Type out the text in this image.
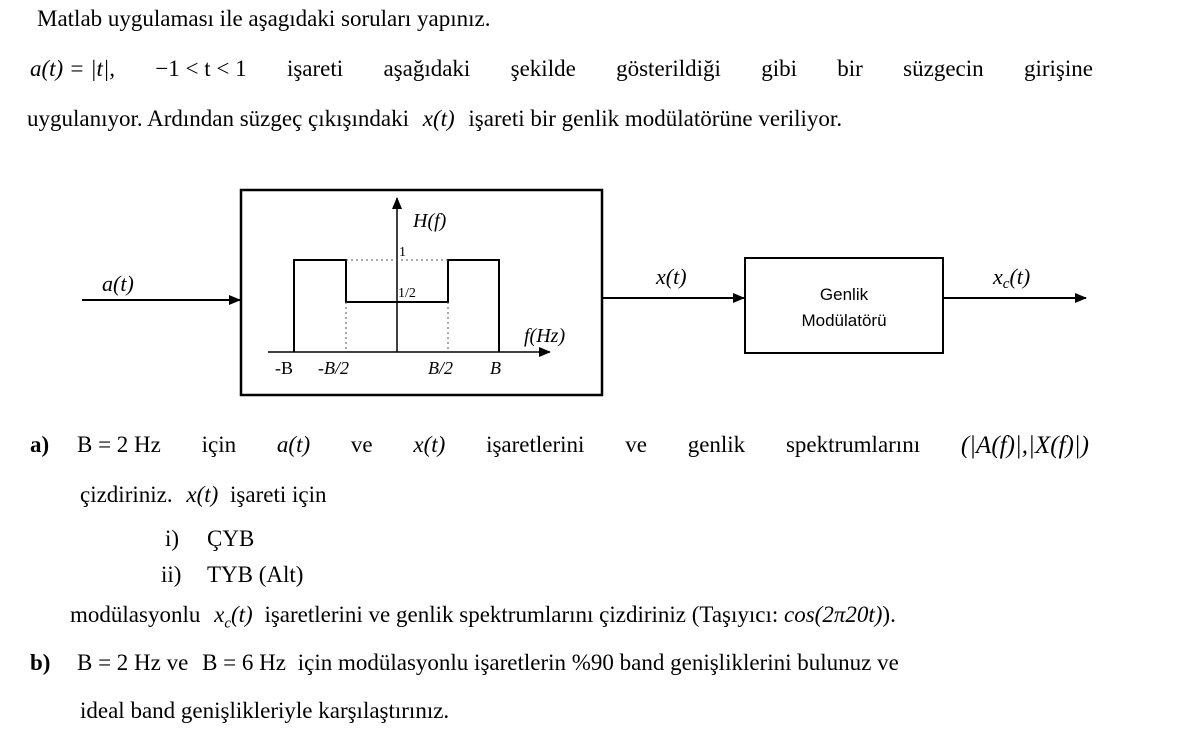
Matlab uygulaması ile aşagıdaki soruları yapınız.
a(t) = |t|, −1 < t < 1 işareti aşağıdaki şekilde gösterildiği gibi bir süzgecin girişine
uygulanıyor. Ardından süzgeç çıkışındaki x(t) işareti bir genlik modülatörüne veriliyor.
a(t)
H(f)
f(Hz)
1
1/2
-B -B/2	B/2 B
x(t)
Genlik
Modülatörü
xc(t)
a) B = 2 Hz için a(t) ve x(t) işaretlerini ve genlik spektrumlarını (|A(f)|,|X(f)|)
çizdiriniz. x(t) işareti için
i) ÇYB
ii) TYB (Alt)
modülasyonlu $x_c(t)$ işaretlerini ve genlik spektrumlarını çizdiriniz (Taşıyıcı: cos(2π20t)).
b) B = 2 Hz ve B = 6 Hz için modülasyonlu işaretlerin %90 band genişliklerini bulunuz ve
ideal band genişlikleriyle karşılaştırınız.
